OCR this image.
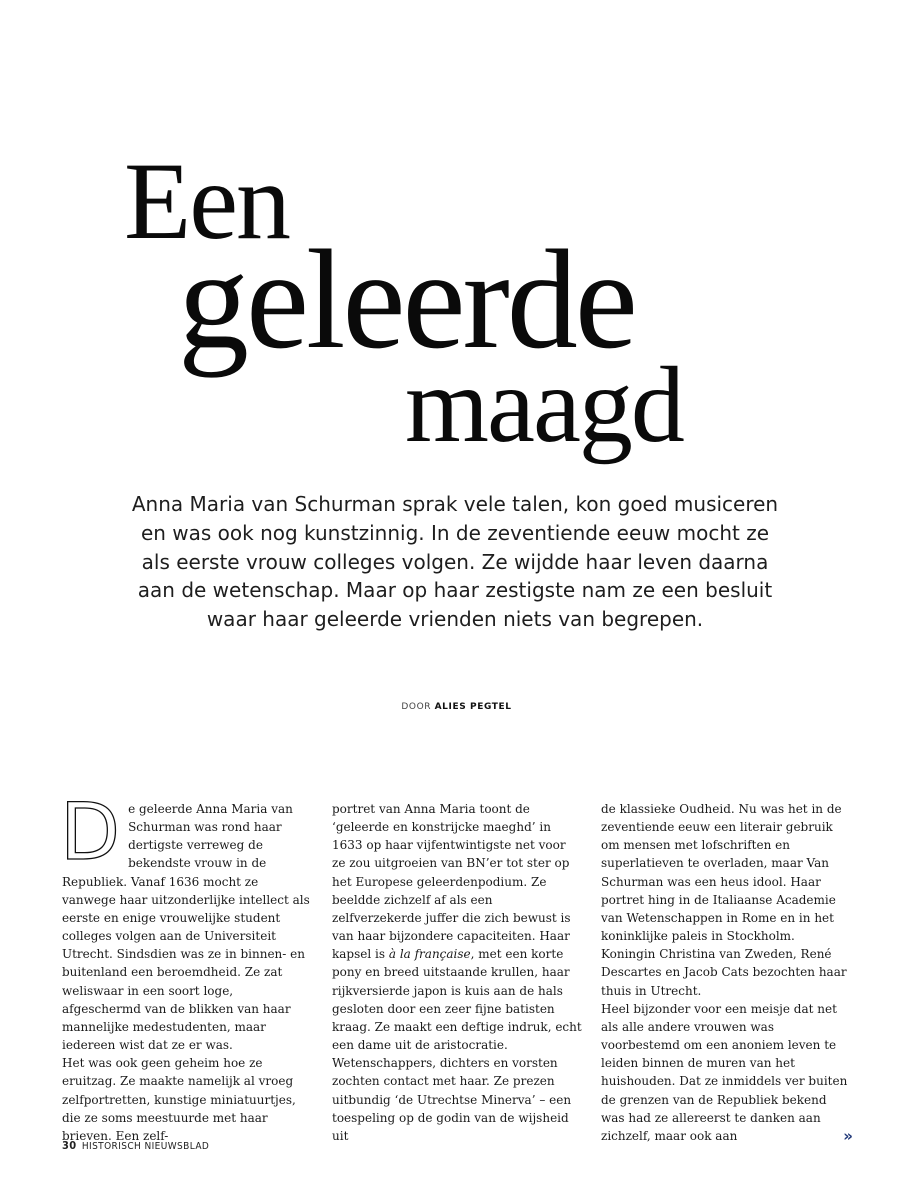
Een
geleerde
maagd

Anna Maria van Schurman sprak vele talen, kon goed musiceren en was ook nog kunstzinnig. In de zeventiende eeuw mocht ze als eerste vrouw colleges volgen. Ze wijdde haar leven daarna aan de wetenschap. Maar op haar zestigste nam ze een besluit waar haar geleerde vrienden niets van begrepen.

DOOR ALIES PEGTEL
D e geleerde Anna Maria van Schurman was rond haar dertigste verreweg de bekendste vrouw in de Republiek. Vanaf 1636 mocht ze vanwege haar uitzonderlijke intellect als eerste en enige vrouwelijke student colleges volgen aan de Universiteit Utrecht. Sindsdien was ze in binnen- en buitenland een beroemdheid. Ze zat weliswaar in een soort loge, afgeschermd van de blikken van haar mannelijke medestudenten, maar iedereen wist dat ze er was.

Het was ook geen geheim hoe ze eruitzag. Ze maakte namelijk al vroeg zelfportretten, kunstige miniatuurtjes, die ze soms meestuurde met haar brieven. Een zelf-

portret van Anna Maria toont de ‘geleerde en konstrijcke maeghd’ in 1633 op haar vijfentwintigste net voor ze zou uitgroeien van BN’er tot ster op het Europese geleerdenpodium. Ze beeldde zichzelf af als een zelfverzekerde juffer die zich bewust is van haar bijzondere capaciteiten. Haar kapsel is à la française, met een korte pony en breed uitstaande krullen, haar rijkversierde japon is kuis aan de hals gesloten door een zeer fijne batisten kraag. Ze maakt een deftige indruk, echt een dame uit de aristocratie. Wetenschappers, dichters en vorsten zochten contact met haar. Ze prezen uitbundig ‘de Utrechtse Minerva’ – een toespeling op de godin van de wijsheid uit

de klassieke Oudheid. Nu was het in de zeventiende eeuw een literair gebruik om mensen met lofschriften en superlatieven te overladen, maar Van Schurman was een heus idool. Haar portret hing in de Italiaanse Academie van Wetenschappen in Rome en in het koninklijke paleis in Stockholm. Koningin Christina van Zweden, René Descartes en Jacob Cats bezochten haar thuis in Utrecht.

Heel bijzonder voor een meisje dat net als alle andere vrouwen was voorbestemd om een anoniem leven te leiden binnen de muren van het huishouden. Dat ze inmiddels ver buiten de grenzen van de Republiek bekend was had ze allereerst te danken aan zichzelf, maar ook aan	»
30 HISTORISCH NIEUWSBLAD
